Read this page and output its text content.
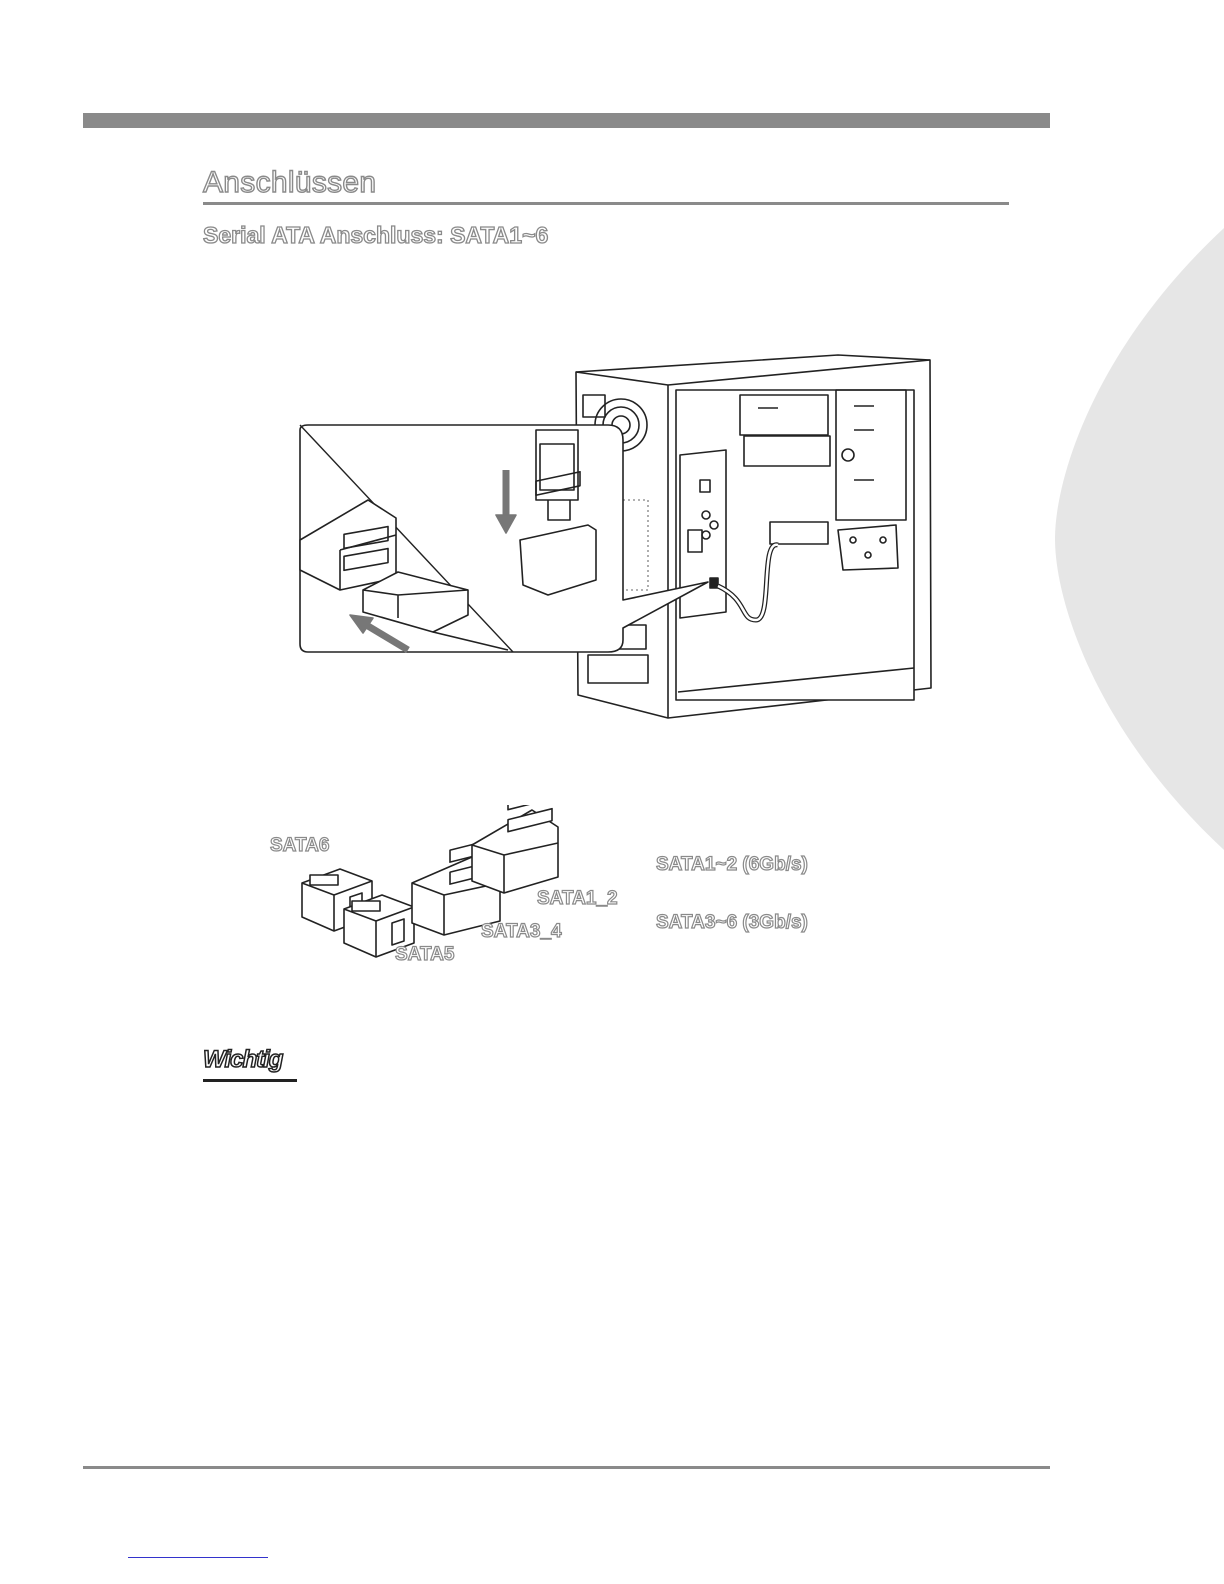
Anschlüssen
Serial ATA Anschluss: SATA1~6
SATA6
SATA5
SATA3_4
SATA1_2
SATA1~2 (6Gb/s)
SATA3~6 (3Gb/s)
Wichtig
